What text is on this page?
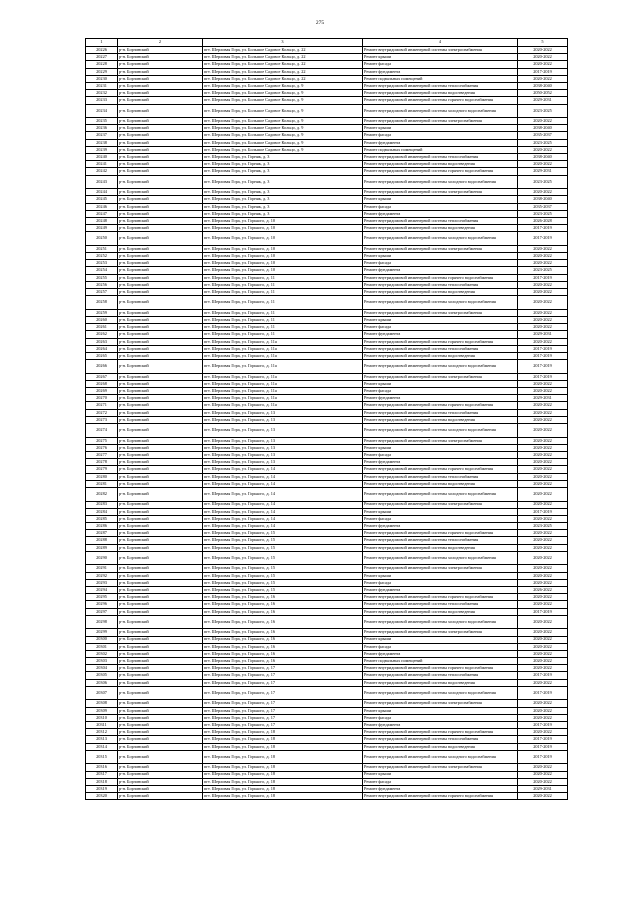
275
1	2	3	4	5
20226	р-н. Борзинский	пгт. Шерловая Гора, ул. Большое Садовое Кольцо, д. 22	Ремонт внутридомовой инженерной системы электроснабжения	2020-2022
20227	р-н. Борзинский	пгт. Шерловая Гора, ул. Большое Садовое Кольцо, д. 22	Ремонт крыши	2020-2022
20228	р-н. Борзинский	пгт. Шерловая Гора, ул. Большое Садовое Кольцо, д. 22	Ремонт фасада	2020-2022
20229	р-н. Борзинский	пгт. Шерловая Гора, ул. Большое Садовое Кольцо, д. 22	Ремонт фундамента	2017-2019
20230	р-н. Борзинский	пгт. Шерловая Гора, ул. Большое Садовое Кольцо, д. 22	Ремонт подвальных помещений	2020-2022
20231	р-н. Борзинский	пгт. Шерловая Гора, ул. Большое Садовое Кольцо, д. 9	Ремонт внутридомовой инженерной системы теплоснабжения	2038-2040
20232	р-н. Борзинский	пгт. Шерловая Гора, ул. Большое Садовое Кольцо, д. 9	Ремонт внутридомовой инженерной системы водоотведения	2050-2052
20233	р-н. Борзинский	пгт. Шерловая Гора, ул. Большое Садовое Кольцо, д. 9	Ремонт внутридомовой инженерной системы горячего водоснабжения	2029-2031
20234	р-н. Борзинский	пгт. Шерловая Гора, ул. Большое Садовое Кольцо, д. 9	Ремонт внутридомовой инженерной системы холодного водоснабжения	2023-2025
20235	р-н. Борзинский	пгт. Шерловая Гора, ул. Большое Садовое Кольцо, д. 9	Ремонт внутридомовой инженерной системы электроснабжения	2020-2022
20236	р-н. Борзинский	пгт. Шерловая Гора, ул. Большое Садовое Кольцо, д. 9	Ремонт крыши	2038-2040
20237	р-н. Борзинский	пгт. Шерловая Гора, ул. Большое Садовое Кольцо, д. 9	Ремонт фасада	2035-2037
20238	р-н. Борзинский	пгт. Шерловая Гора, ул. Большое Садовое Кольцо, д. 9	Ремонт фундамента	2023-2025
20239	р-н. Борзинский	пгт. Шерловая Гора, ул. Большое Садовое Кольцо, д. 9	Ремонт подвальных помещений	2020-2022
20240	р-н. Борзинский	пгт. Шерловая Гора, ул. Горняк, д. 3	Ремонт внутридомовой инженерной системы теплоснабжения	2038-2040
20241	р-н. Борзинский	пгт. Шерловая Гора, ул. Горняк, д. 3	Ремонт внутридомовой инженерной системы водоотведения	2020-2022
20242	р-н. Борзинский	пгт. Шерловая Гора, ул. Горняк, д. 3	Ремонт внутридомовой инженерной системы горячего водоснабжения	2029-2031
20243	р-н. Борзинский	пгт. Шерловая Гора, ул. Горняк, д. 3	Ремонт внутридомовой инженерной системы холодного водоснабжения	2023-2025
20244	р-н. Борзинский	пгт. Шерловая Гора, ул. Горняк, д. 3	Ремонт внутридомовой инженерной системы электроснабжения	2020-2022
20245	р-н. Борзинский	пгт. Шерловая Гора, ул. Горняк, д. 3	Ремонт крыши	2038-2040
20246	р-н. Борзинский	пгт. Шерловая Гора, ул. Горняк, д. 3	Ремонт фасада	2035-2037
20247	р-н. Борзинский	пгт. Шерловая Гора, ул. Горняк, д. 3	Ремонт фундамента	2023-2025
20248	р-н. Борзинский	пгт. Шерловая Гора, ул. Горького, д. 10	Ремонт внутридомовой инженерной системы теплоснабжения	2026-2028
20249	р-н. Борзинский	пгт. Шерловая Гора, ул. Горького, д. 10	Ремонт внутридомовой инженерной системы водоотведения	2017-2019
20250	р-н. Борзинский	пгт. Шерловая Гора, ул. Горького, д. 10	Ремонт внутридомовой инженерной системы холодного водоснабжения	2017-2019
20251	р-н. Борзинский	пгт. Шерловая Гора, ул. Горького, д. 10	Ремонт внутридомовой инженерной системы электроснабжения	2020-2022
20252	р-н. Борзинский	пгт. Шерловая Гора, ул. Горького, д. 10	Ремонт крыши	2020-2022
20253	р-н. Борзинский	пгт. Шерловая Гора, ул. Горького, д. 10	Ремонт фасада	2020-2022
20254	р-н. Борзинский	пгт. Шерловая Гора, ул. Горького, д. 10	Ремонт фундамента	2023-2025
20255	р-н. Борзинский	пгт. Шерловая Гора, ул. Горького, д. 11	Ремонт внутридомовой инженерной системы горячего водоснабжения	2017-2019
20256	р-н. Борзинский	пгт. Шерловая Гора, ул. Горького, д. 11	Ремонт внутридомовой инженерной системы теплоснабжения	2020-2022
20257	р-н. Борзинский	пгт. Шерловая Гора, ул. Горького, д. 11	Ремонт внутридомовой инженерной системы водоотведения	2020-2022
20258	р-н. Борзинский	пгт. Шерловая Гора, ул. Горького, д. 11	Ремонт внутридомовой инженерной системы холодного водоснабжения	2020-2022
20259	р-н. Борзинский	пгт. Шерловая Гора, ул. Горького, д. 11	Ремонт внутридомовой инженерной системы электроснабжения	2020-2022
20260	р-н. Борзинский	пгт. Шерловая Гора, ул. Горького, д. 11	Ремонт крыши	2020-2022
20261	р-н. Борзинский	пгт. Шерловая Гора, ул. Горького, д. 11	Ремонт фасада	2020-2022
20262	р-н. Борзинский	пгт. Шерловая Гора, ул. Горького, д. 11	Ремонт фундамента	2029-2031
20263	р-н. Борзинский	пгт. Шерловая Гора, ул. Горького, д. 11а	Ремонт внутридомовой инженерной системы горячего водоснабжения	2020-2022
20264	р-н. Борзинский	пгт. Шерловая Гора, ул. Горького, д. 11а	Ремонт внутридомовой инженерной системы теплоснабжения	2017-2019
20265	р-н. Борзинский	пгт. Шерловая Гора, ул. Горького, д. 11а	Ремонт внутридомовой инженерной системы водоотведения	2017-2019
20266	р-н. Борзинский	пгт. Шерловая Гора, ул. Горького, д. 11а	Ремонт внутридомовой инженерной системы холодного водоснабжения	2017-2019
20267	р-н. Борзинский	пгт. Шерловая Гора, ул. Горького, д. 11а	Ремонт внутридомовой инженерной системы электроснабжения	2017-2019
20268	р-н. Борзинский	пгт. Шерловая Гора, ул. Горького, д. 11а	Ремонт крыши	2020-2022
20269	р-н. Борзинский	пгт. Шерловая Гора, ул. Горького, д. 11а	Ремонт фасада	2020-2022
20270	р-н. Борзинский	пгт. Шерловая Гора, ул. Горького, д. 11а	Ремонт фундамента	2029-2031
20271	р-н. Борзинский	пгт. Шерловая Гора, ул. Горького, д. 11а	Ремонт внутридомовой инженерной системы горячего водоснабжения	2020-2022
20272	р-н. Борзинский	пгт. Шерловая Гора, ул. Горького, д. 13	Ремонт внутридомовой инженерной системы теплоснабжения	2020-2022
20273	р-н. Борзинский	пгт. Шерловая Гора, ул. Горького, д. 13	Ремонт внутридомовой инженерной системы водоотведения	2020-2022
20274	р-н. Борзинский	пгт. Шерловая Гора, ул. Горького, д. 13	Ремонт внутридомовой инженерной системы холодного водоснабжения	2020-2022
20275	р-н. Борзинский	пгт. Шерловая Гора, ул. Горького, д. 13	Ремонт внутридомовой инженерной системы электроснабжения	2020-2022
20276	р-н. Борзинский	пгт. Шерловая Гора, ул. Горького, д. 13	Ремонт крыши	2020-2022
20277	р-н. Борзинский	пгт. Шерловая Гора, ул. Горького, д. 13	Ремонт фасада	2020-2022
20278	р-н. Борзинский	пгт. Шерловая Гора, ул. Горького, д. 13	Ремонт фундамента	2020-2022
20279	р-н. Борзинский	пгт. Шерловая Гора, ул. Горького, д. 14	Ремонт внутридомовой инженерной системы горячего водоснабжения	2020-2022
20280	р-н. Борзинский	пгт. Шерловая Гора, ул. Горького, д. 14	Ремонт внутридомовой инженерной системы теплоснабжения	2020-2022
20281	р-н. Борзинский	пгт. Шерловая Гора, ул. Горького, д. 14	Ремонт внутридомовой инженерной системы водоотведения	2020-2022
20282	р-н. Борзинский	пгт. Шерловая Гора, ул. Горького, д. 14	Ремонт внутридомовой инженерной системы холодного водоснабжения	2020-2022
20283	р-н. Борзинский	пгт. Шерловая Гора, ул. Горького, д. 14	Ремонт внутридомовой инженерной системы электроснабжения	2020-2022
20284	р-н. Борзинский	пгт. Шерловая Гора, ул. Горького, д. 14	Ремонт крыши	2017-2019
20285	р-н. Борзинский	пгт. Шерловая Гора, ул. Горького, д. 14	Ремонт фасада	2020-2022
20286	р-н. Борзинский	пгт. Шерловая Гора, ул. Горького, д. 14	Ремонт фундамента	2023-2025
20287	р-н. Борзинский	пгт. Шерловая Гора, ул. Горького, д. 15	Ремонт внутридомовой инженерной системы горячего водоснабжения	2020-2022
20288	р-н. Борзинский	пгт. Шерловая Гора, ул. Горького, д. 15	Ремонт внутридомовой инженерной системы теплоснабжения	2020-2022
20289	р-н. Борзинский	пгт. Шерловая Гора, ул. Горького, д. 15	Ремонт внутридомовой инженерной системы водоотведения	2020-2022
20290	р-н. Борзинский	пгт. Шерловая Гора, ул. Горького, д. 15	Ремонт внутридомовой инженерной системы холодного водоснабжения	2020-2022
20291	р-н. Борзинский	пгт. Шерловая Гора, ул. Горького, д. 15	Ремонт внутридомовой инженерной системы электроснабжения	2020-2022
20292	р-н. Борзинский	пгт. Шерловая Гора, ул. Горького, д. 15	Ремонт крыши	2020-2022
20293	р-н. Борзинский	пгт. Шерловая Гора, ул. Горького, д. 15	Ремонт фасада	2020-2022
20294	р-н. Борзинский	пгт. Шерловая Гора, ул. Горького, д. 15	Ремонт фундамента	2026-2022
20295	р-н. Борзинский	пгт. Шерловая Гора, ул. Горького, д. 16	Ремонт внутридомовой инженерной системы горячего водоснабжения	2020-2022
20296	р-н. Борзинский	пгт. Шерловая Гора, ул. Горького, д. 16	Ремонт внутридомовой инженерной системы теплоснабжения	2020-2022
20297	р-н. Борзинский	пгт. Шерловая Гора, ул. Горького, д. 16	Ремонт внутридомовой инженерной системы водоотведения	2017-2019
20298	р-н. Борзинский	пгт. Шерловая Гора, ул. Горького, д. 16	Ремонт внутридомовой инженерной системы холодного водоснабжения	2020-2022
20299	р-н. Борзинский	пгт. Шерловая Гора, ул. Горького, д. 16	Ремонт внутридомовой инженерной системы электроснабжения	2020-2022
20300	р-н. Борзинский	пгт. Шерловая Гора, ул. Горького, д. 16	Ремонт крыши	2020-2022
20301	р-н. Борзинский	пгт. Шерловая Гора, ул. Горького, д. 16	Ремонт фасада	2020-2022
20302	р-н. Борзинский	пгт. Шерловая Гора, ул. Горького, д. 16	Ремонт фундамента	2020-2022
20303	р-н. Борзинский	пгт. Шерловая Гора, ул. Горького, д. 16	Ремонт подвальных помещений	2020-2022
20304	р-н. Борзинский	пгт. Шерловая Гора, ул. Горького, д. 17	Ремонт внутридомовой инженерной системы горячего водоснабжения	2020-2022
20305	р-н. Борзинский	пгт. Шерловая Гора, ул. Горького, д. 17	Ремонт внутридомовой инженерной системы теплоснабжения	2017-2019
20306	р-н. Борзинский	пгт. Шерловая Гора, ул. Горького, д. 17	Ремонт внутридомовой инженерной системы водоотведения	2020-2022
20307	р-н. Борзинский	пгт. Шерловая Гора, ул. Горького, д. 17	Ремонт внутридомовой инженерной системы холодного водоснабжения	2017-2019
20308	р-н. Борзинский	пгт. Шерловая Гора, ул. Горького, д. 17	Ремонт внутридомовой инженерной системы электроснабжения	2020-2022
20309	р-н. Борзинский	пгт. Шерловая Гора, ул. Горького, д. 17	Ремонт крыши	2020-2022
20310	р-н. Борзинский	пгт. Шерловая Гора, ул. Горького, д. 17	Ремонт фасада	2020-2022
20311	р-н. Борзинский	пгт. Шерловая Гора, ул. Горького, д. 17	Ремонт фундамента	2017-2019
20312	р-н. Борзинский	пгт. Шерловая Гора, ул. Горького, д. 18	Ремонт внутридомовой инженерной системы горячего водоснабжения	2020-2022
20313	р-н. Борзинский	пгт. Шерловая Гора, ул. Горького, д. 18	Ремонт внутридомовой инженерной системы теплоснабжения	2017-2019
20314	р-н. Борзинский	пгт. Шерловая Гора, ул. Горького, д. 18	Ремонт внутридомовой инженерной системы водоотведения	2017-2019
20315	р-н. Борзинский	пгт. Шерловая Гора, ул. Горького, д. 18	Ремонт внутридомовой инженерной системы холодного водоснабжения	2017-2019
20316	р-н. Борзинский	пгт. Шерловая Гора, ул. Горького, д. 18	Ремонт внутридомовой инженерной системы электроснабжения	2020-2022
20317	р-н. Борзинский	пгт. Шерловая Гора, ул. Горького, д. 18	Ремонт крыши	2020-2022
20318	р-н. Борзинский	пгт. Шерловая Гора, ул. Горького, д. 18	Ремонт фасада	2020-2022
20319	р-н. Борзинский	пгт. Шерловая Гора, ул. Горького, д. 18	Ремонт фундамента	2029-2031
20320	р-н. Борзинский	пгт. Шерловая Гора, ул. Горького, д. 18	Ремонт внутридомовой инженерной системы горячего водоснабжения	2020-2022
